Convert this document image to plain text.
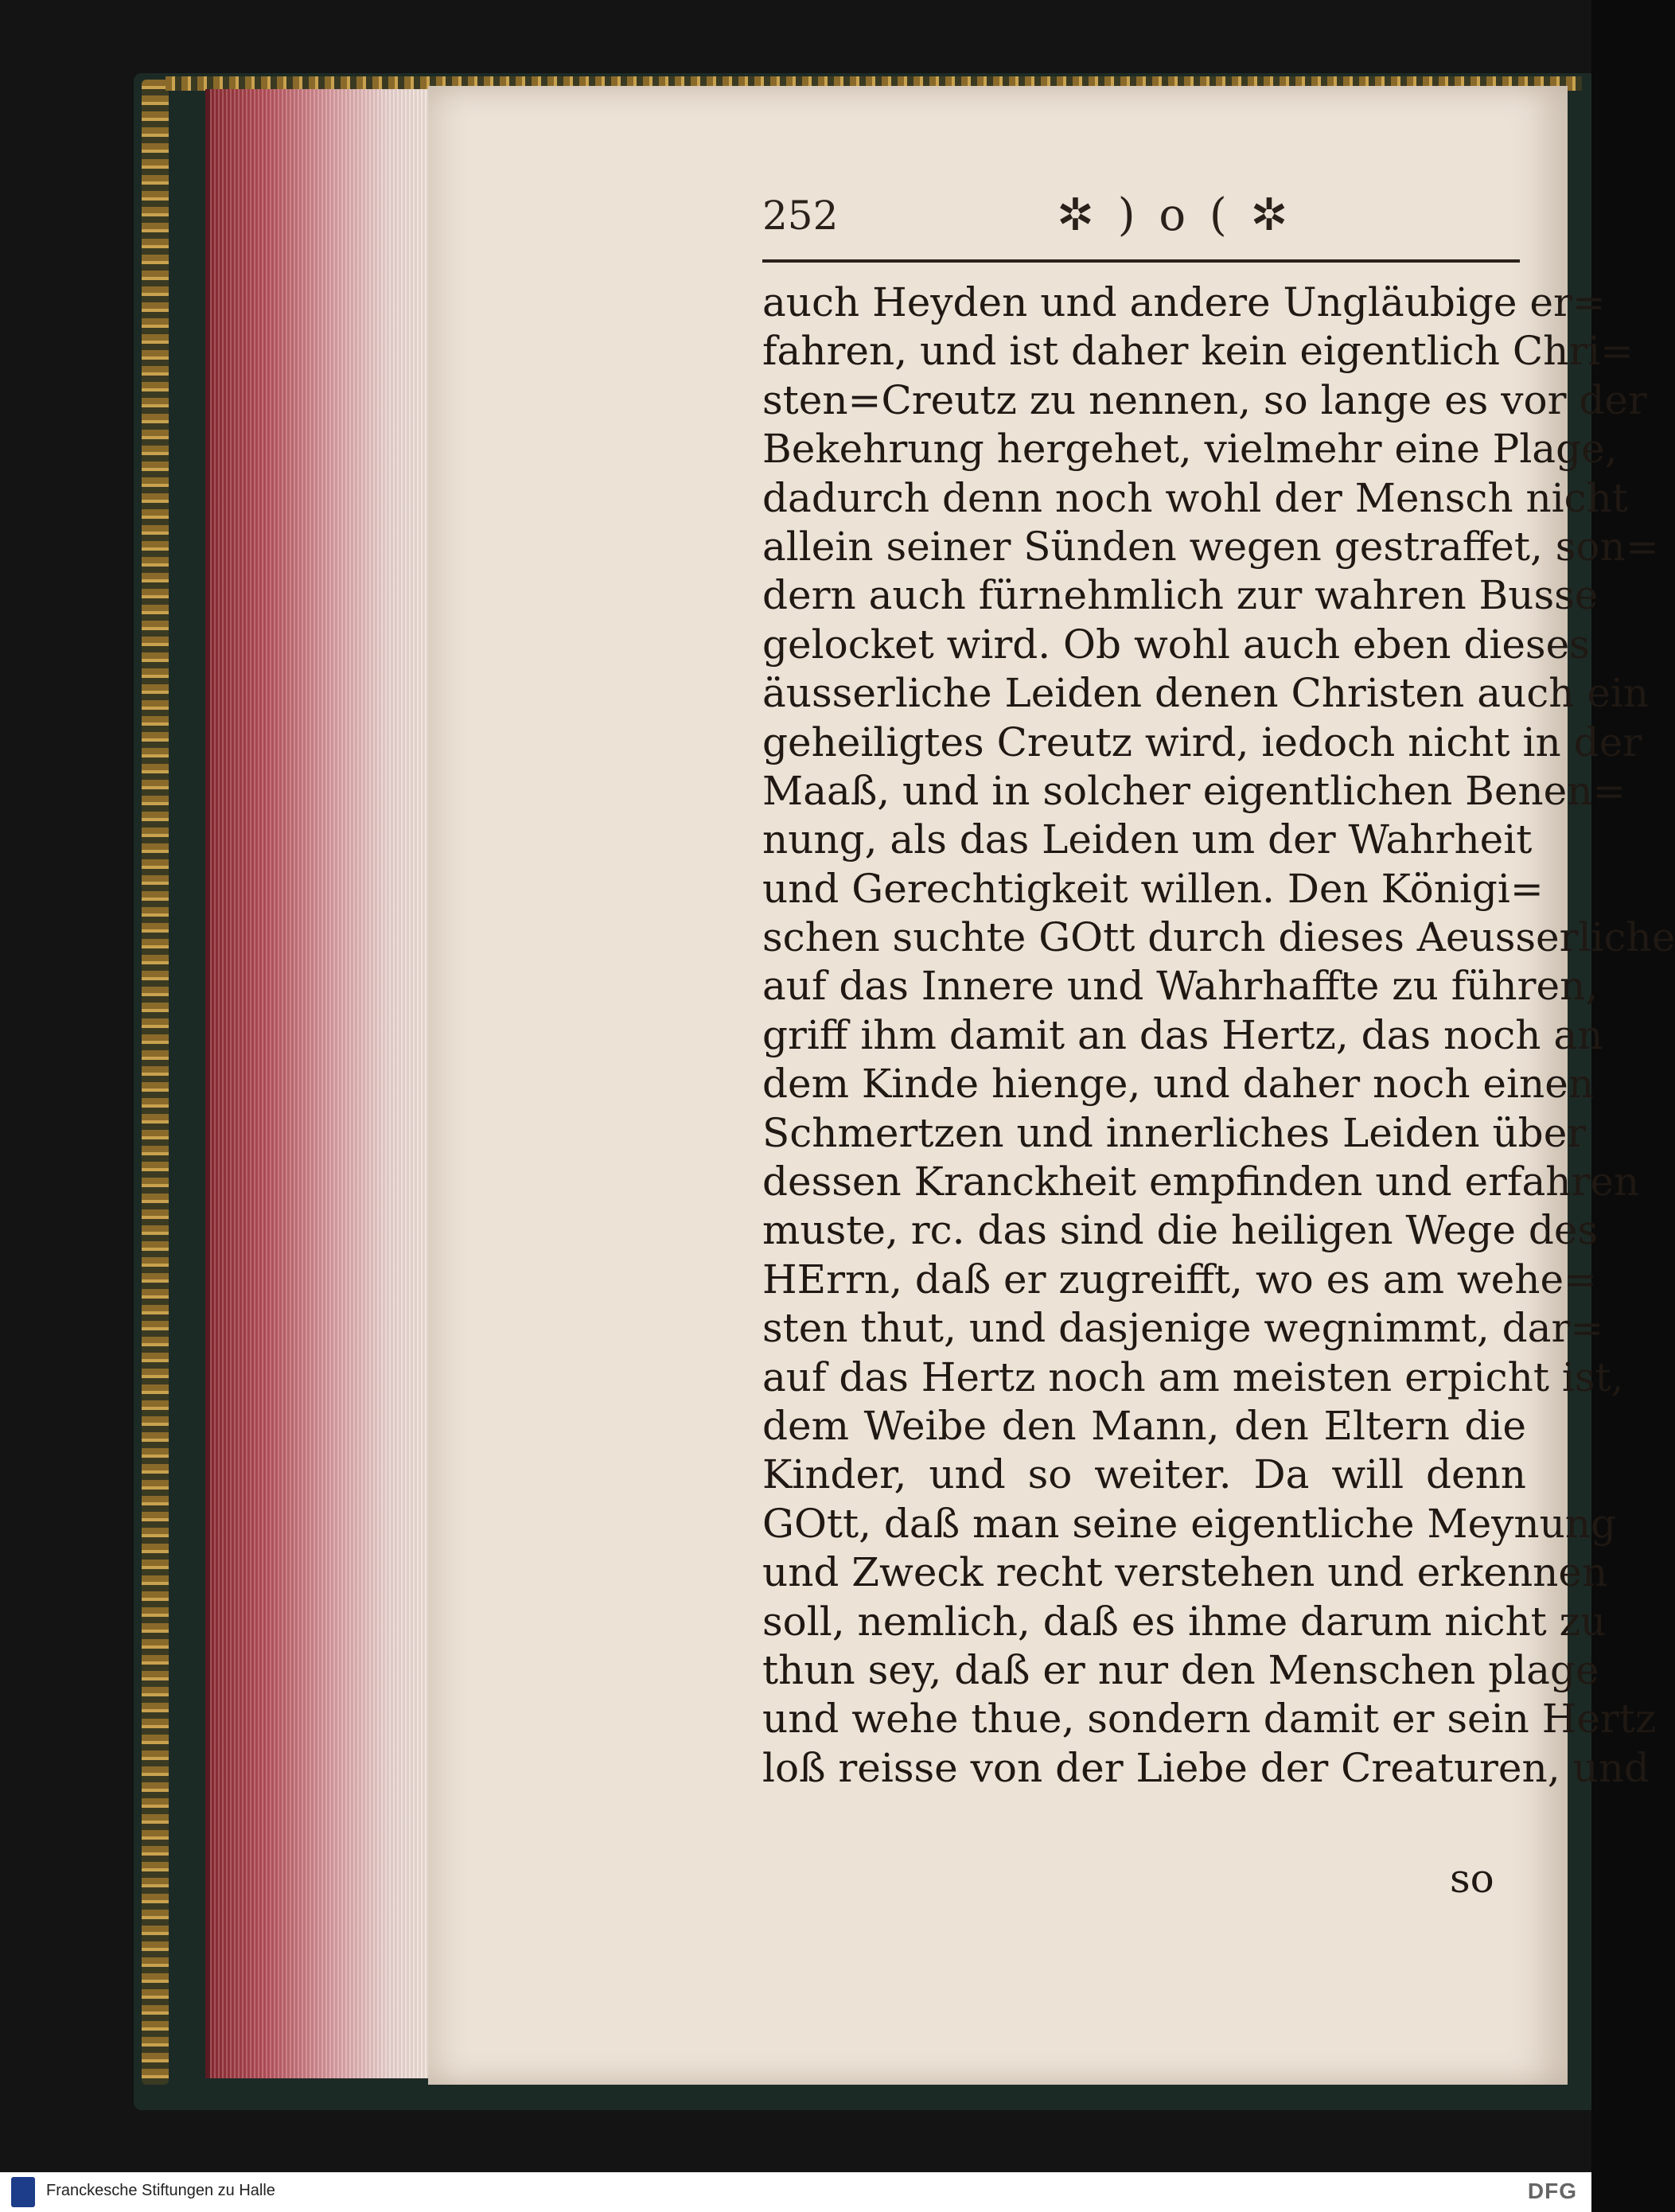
252	✲ ) o ( ✲
auch Heyden und andere Ungläubige er=
fahren, und ist daher kein eigentlich Chri=
sten=Creutz zu nennen, so lange es vor der
Bekehrung hergehet, vielmehr eine Plage,
dadurch denn noch wohl der Mensch nicht
allein seiner Sünden wegen gestraffet, son=
dern auch fürnehmlich zur wahren Busse
gelocket wird. Ob wohl auch eben dieses
äusserliche Leiden denen Christen auch ein
geheiligtes Creutz wird, iedoch nicht in der
Maaß, und in solcher eigentlichen Benen=
nung, als das Leiden um der Wahrheit
und Gerechtigkeit willen. Den Königi=
schen suchte GOtt durch dieses Aeusserliche
auf das Innere und Wahrhaffte zu führen,
griff ihm damit an das Hertz, das noch an
dem Kinde hienge, und daher noch einen
Schmertzen und innerliches Leiden über
dessen Kranckheit empfinden und erfahren
muste, rc. das sind die heiligen Wege des
HErrn, daß er zugreifft, wo es am wehe=
sten thut, und dasjenige wegnimmt, dar=
auf das Hertz noch am meisten erpicht ist,
dem Weibe den Mann, den Eltern die
Kinder, und so weiter. Da will denn
GOtt, daß man seine eigentliche Meynung
und Zweck recht verstehen und erkennen
soll, nemlich, daß es ihme darum nicht zu
thun sey, daß er nur den Menschen plage
und wehe thue, sondern damit er sein Hertz
loß reisse von der Liebe der Creaturen, und
so
Franckesche Stiftungen zu Halle	DFG
